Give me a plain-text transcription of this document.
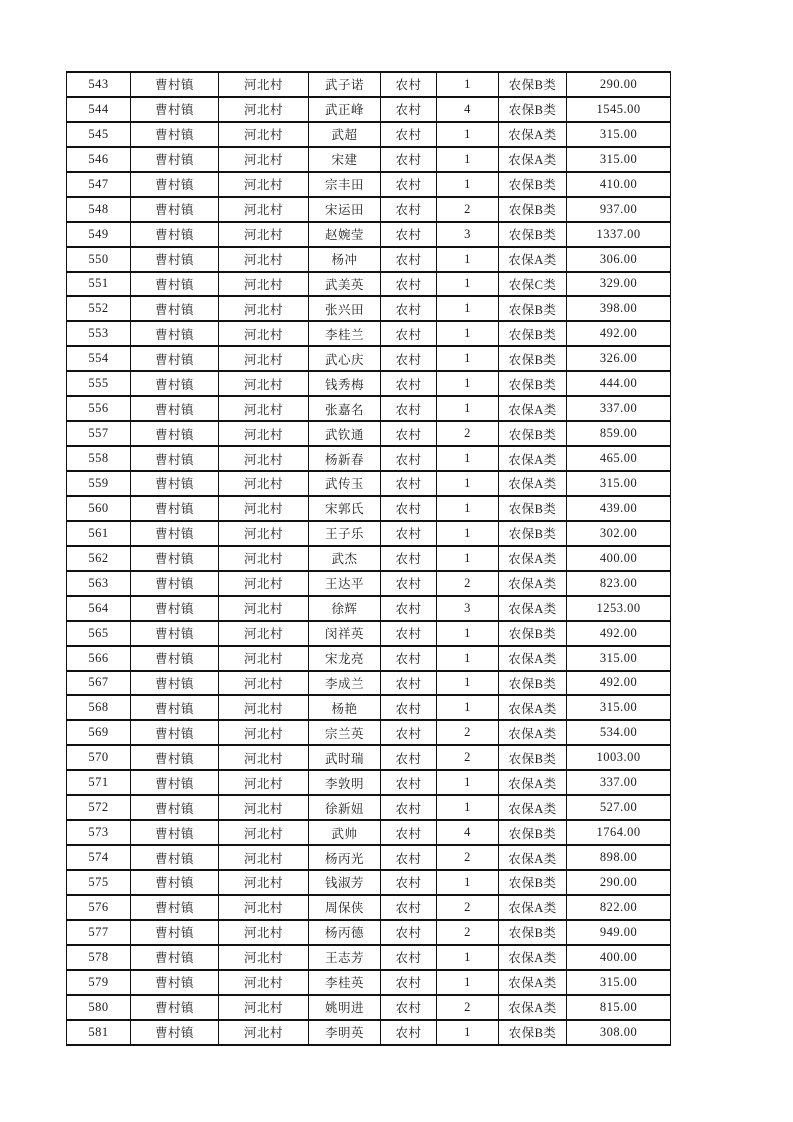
543	曹村镇	河北村	武子诺	农村	1	农保B类	290.00
544	曹村镇	河北村	武正峰	农村	4	农保B类	1545.00
545	曹村镇	河北村	武超	农村	1	农保A类	315.00
546	曹村镇	河北村	宋建	农村	1	农保A类	315.00
547	曹村镇	河北村	宗丰田	农村	1	农保B类	410.00
548	曹村镇	河北村	宋运田	农村	2	农保B类	937.00
549	曹村镇	河北村	赵婉莹	农村	3	农保B类	1337.00
550	曹村镇	河北村	杨冲	农村	1	农保A类	306.00
551	曹村镇	河北村	武美英	农村	1	农保C类	329.00
552	曹村镇	河北村	张兴田	农村	1	农保B类	398.00
553	曹村镇	河北村	李桂兰	农村	1	农保B类	492.00
554	曹村镇	河北村	武心庆	农村	1	农保B类	326.00
555	曹村镇	河北村	钱秀梅	农村	1	农保B类	444.00
556	曹村镇	河北村	张嘉名	农村	1	农保A类	337.00
557	曹村镇	河北村	武钦通	农村	2	农保B类	859.00
558	曹村镇	河北村	杨新春	农村	1	农保A类	465.00
559	曹村镇	河北村	武传玉	农村	1	农保A类	315.00
560	曹村镇	河北村	宋郭氏	农村	1	农保B类	439.00
561	曹村镇	河北村	王子乐	农村	1	农保B类	302.00
562	曹村镇	河北村	武杰	农村	1	农保A类	400.00
563	曹村镇	河北村	王达平	农村	2	农保A类	823.00
564	曹村镇	河北村	徐辉	农村	3	农保A类	1253.00
565	曹村镇	河北村	闵祥英	农村	1	农保B类	492.00
566	曹村镇	河北村	宋龙亮	农村	1	农保A类	315.00
567	曹村镇	河北村	李成兰	农村	1	农保B类	492.00
568	曹村镇	河北村	杨艳	农村	1	农保A类	315.00
569	曹村镇	河北村	宗兰英	农村	2	农保A类	534.00
570	曹村镇	河北村	武时瑞	农村	2	农保B类	1003.00
571	曹村镇	河北村	李敦明	农村	1	农保A类	337.00
572	曹村镇	河北村	徐新妞	农村	1	农保A类	527.00
573	曹村镇	河北村	武帅	农村	4	农保B类	1764.00
574	曹村镇	河北村	杨丙光	农村	2	农保A类	898.00
575	曹村镇	河北村	钱淑芳	农村	1	农保B类	290.00
576	曹村镇	河北村	周保侠	农村	2	农保A类	822.00
577	曹村镇	河北村	杨丙德	农村	2	农保B类	949.00
578	曹村镇	河北村	王志芳	农村	1	农保A类	400.00
579	曹村镇	河北村	李桂英	农村	1	农保A类	315.00
580	曹村镇	河北村	姚明进	农村	2	农保A类	815.00
581	曹村镇	河北村	李明英	农村	1	农保B类	308.00
